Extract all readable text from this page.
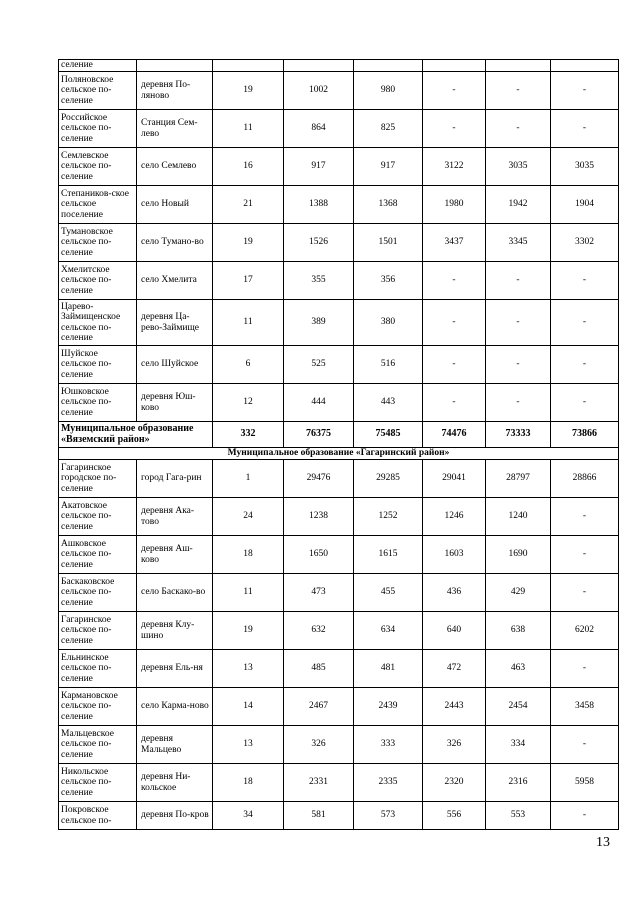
селение							
Поляновское сельское по-селение	деревня По-ляново	19	1002	980	-	-	-
Российское сельское по-селение	Станция Сем-лево	11	864	825	-	-	-
Семлевское сельское по-селение	село Семлево	16	917	917	3122	3035	3035
Степаников-ское сельское поселение	село Новый	21	1388	1368	1980	1942	1904
Тумановское сельское по-селение	село Тумано-во	19	1526	1501	3437	3345	3302
Хмелитское сельское по-селение	село Хмелита	17	355	356	-	-	-
Царево-Займищенское сельское по-селение	деревня Ца-рево-Займище	11	389	380	-	-	-
Шуйское сельское по-селение	село Шуйское	6	525	516	-	-	-
Юшковское сельское по-селение	деревня Юш-ково	12	444	443	-	-	-
Муниципальное образование «Вяземский район»		332	76375	75485	74476	73333	73866
Муниципальное образование «Гагаринский район»							
Гагаринское городское по-селение	город Гага-рин	1	29476	29285	29041	28797	28866
Акатовское сельское по-селение	деревня Ака-тово	24	1238	1252	1246	1240	-
Ашковское сельское по-селение	деревня Аш-ково	18	1650	1615	1603	1690	-
Баскаковское сельское по-селение	село Баскако-во	11	473	455	436	429	-
Гагаринское сельское по-селение	деревня Клу-шино	19	632	634	640	638	6202
Ельнинское сельское по-селение	деревня Ель-ня	13	485	481	472	463	-
Кармановское сельское по-селение	село Карма-ново	14	2467	2439	2443	2454	3458
Мальцевское сельское по-селение	деревня Мальцево	13	326	333	326	334	-
Никольское сельское по-селение	деревня Ни-кольское	18	2331	2335	2320	2316	5958
Покровское сельское по-	деревня По-кров	34	581	573	556	553	-
13
